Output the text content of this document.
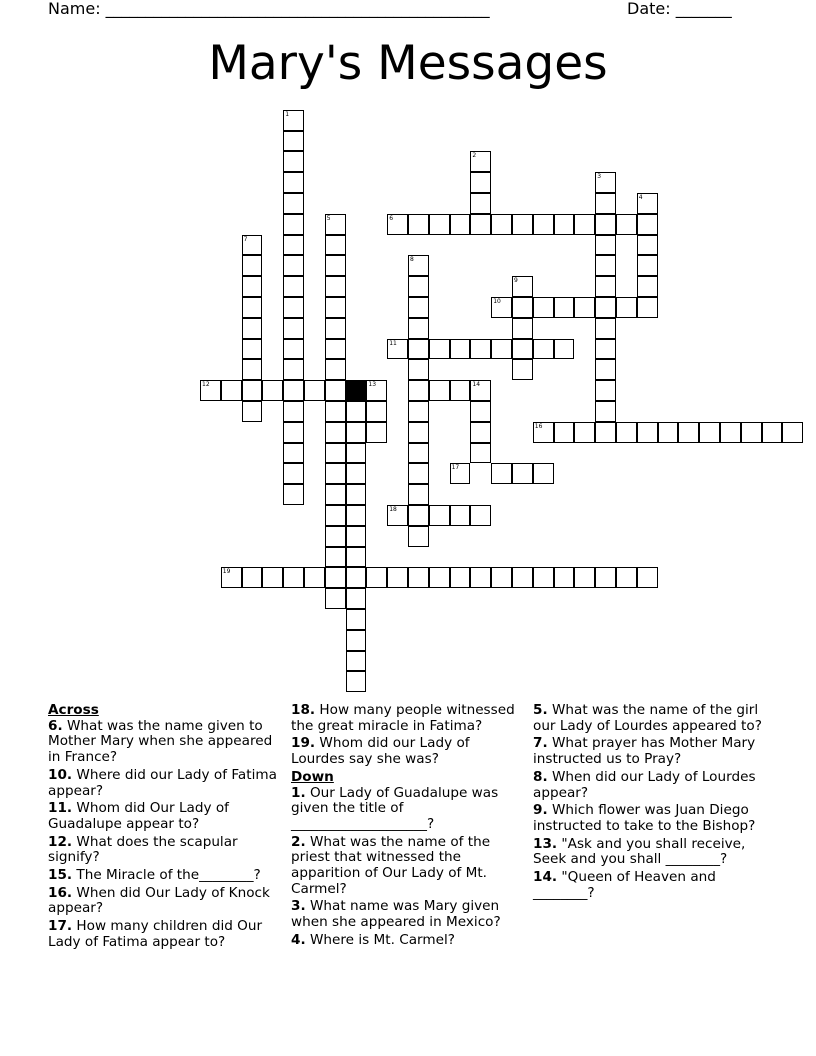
Name: ________________________________________________	Date: _______
Mary's Messages
1
2
3
4
5	6
7
8
9
10
11
12	13	14
16
17
18
19
Across
6. What was the name given to Mother Mary when she appeared in France?
10. Where did our Lady of Fatima appear?
11. Whom did Our Lady of Guadalupe appear to?
12. What does the scapular signify?
15. The Miracle of the________?
16. When did Our Lady of Knock appear?
17. How many children did Our Lady of Fatima appear to?
18. How many people witnessed the great miracle in Fatima?
19. Whom did our Lady of Lourdes say she was?
Down
1. Our Lady of Guadalupe was given the title of ____________________?
2. What was the name of the priest that witnessed the apparition of Our Lady of Mt. Carmel?
3. What name was Mary given when she appeared in Mexico?
4. Where is Mt. Carmel?
5. What was the name of the girl our Lady of Lourdes appeared to?
7. What prayer has Mother Mary instructed us to Pray?
8. When did our Lady of Lourdes appear?
9. Which flower was Juan Diego instructed to take to the Bishop?
13. "Ask and you shall receive, Seek and you shall ________?
14. "Queen of Heaven and ________?
